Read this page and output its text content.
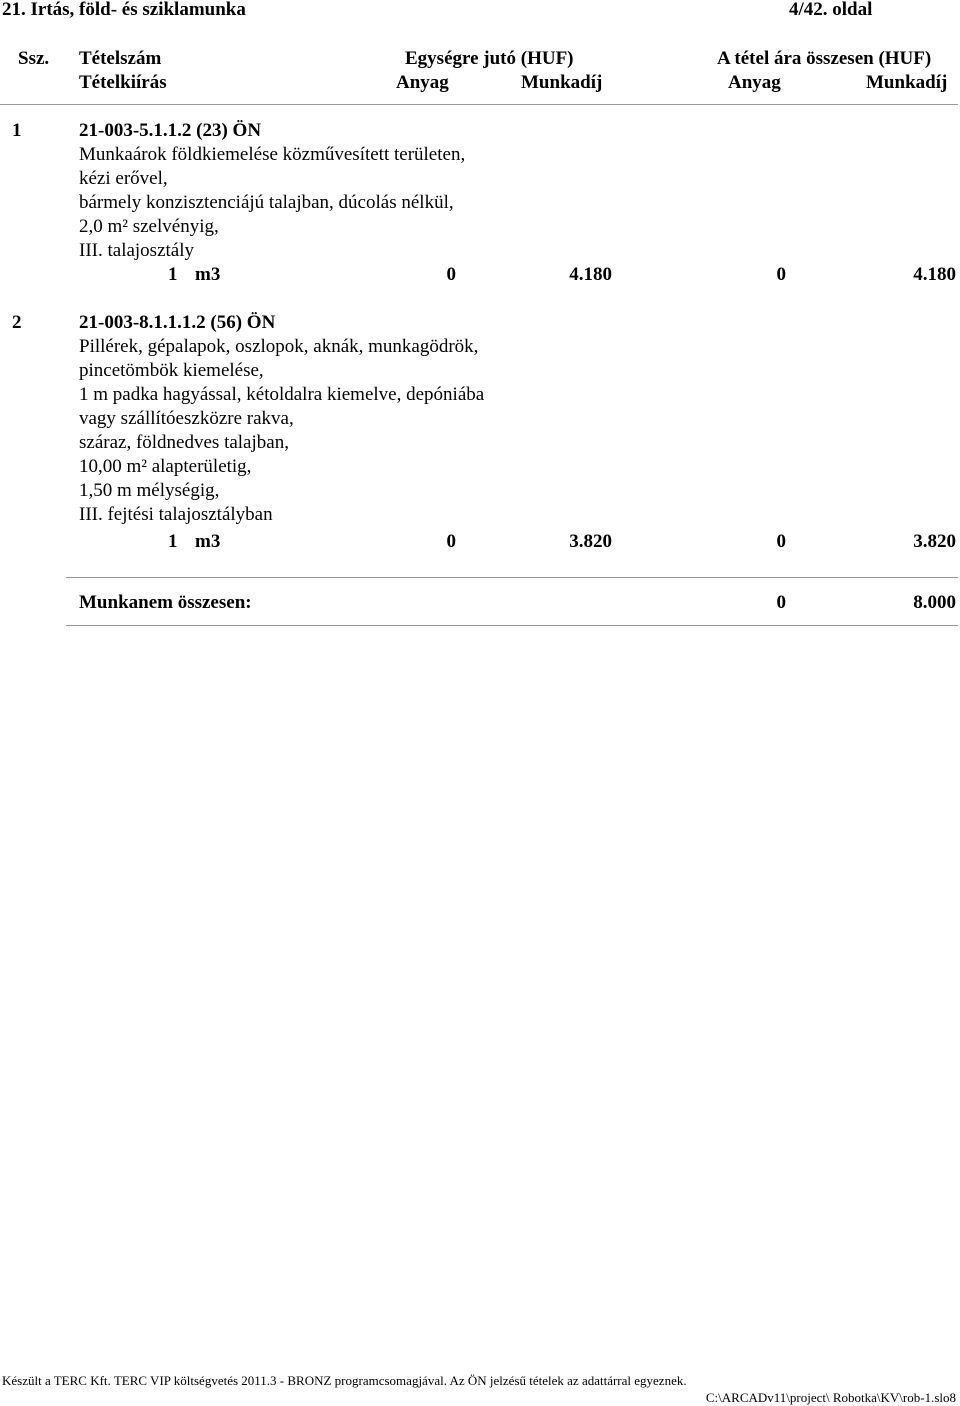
21. Irtás, föld- és sziklamunka	4/42. oldal
Ssz. Tételszám	Egységre jutó (HUF)	A tétel ára összesen (HUF)
Tételkiírás	Anyag	Munkadíj	Anyag	Munkadíj
1	21-003-5.1.1.2 (23) ÖN
Munkaárok földkiemelése közművesített területen,
kézi erővel,
bármely konzisztenciájú talajban, dúcolás nélkül,
2,0 m² szelvényig,
III. talajosztály
1 m3	0	4.180	0	4.180
2	21-003-8.1.1.1.2 (56) ÖN
Pillérek, gépalapok, oszlopok, aknák, munkagödrök,
pincetömbök kiemelése,
1 m padka hagyással, kétoldalra kiemelve, depóniába
vagy szállítóeszközre rakva,
száraz, földnedves talajban,
10,00 m² alapterületig,
1,50 m mélységig,
III. fejtési talajosztályban
1 m3	0	3.820	0	3.820
Munkanem összesen:	0	8.000
Készült a TERC Kft. TERC VIP költségvetés 2011.3 - BRONZ programcsomagjával. Az ÖN jelzésű tételek az adattárral egyeznek.
C:\ARCADv11\project\ Robotka\KV\rob-1.slo8
